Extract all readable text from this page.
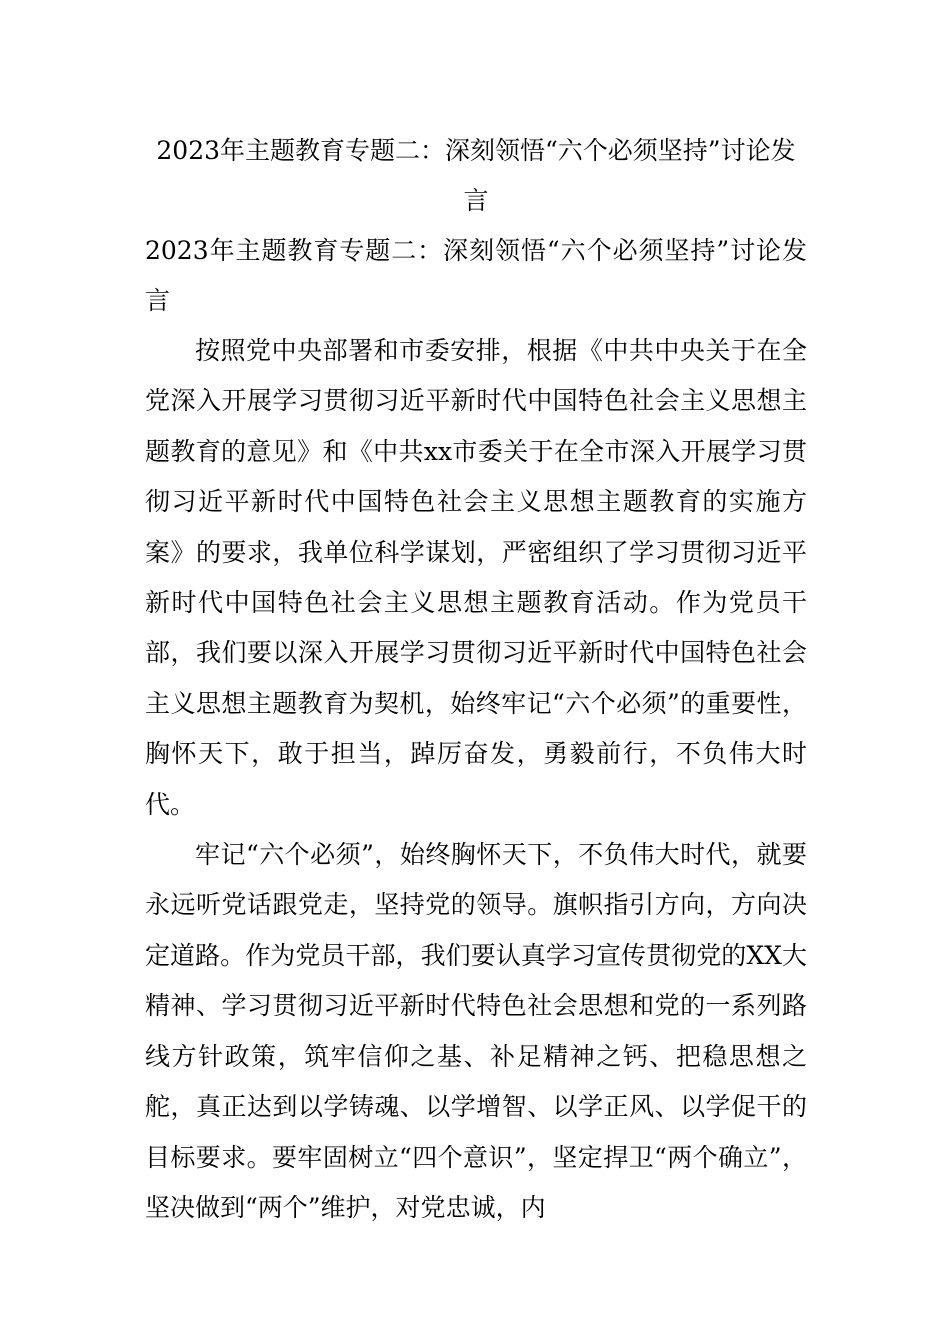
2023年主题教育专题二：深刻领悟“六个必须坚持”讨论发言
2023年主题教育专题二：深刻领悟“六个必须坚持”讨论发言

按照党中央部署和市委安排，根据《中共中央关于在全党深入开展学习贯彻习近平新时代中国特色社会主义思想主题教育的意见》和《中共xx市委关于在全市深入开展学习贯彻习近平新时代中国特色社会主义思想主题教育的实施方案》的要求，我单位科学谋划，严密组织了学习贯彻习近平新时代中国特色社会主义思想主题教育活动。作为党员干部，我们要以深入开展学习贯彻习近平新时代中国特色社会主义思想主题教育为契机，始终牢记“六个必须”的重要性，胸怀天下，敢于担当，踔厉奋发，勇毅前行，不负伟大时代。

牢记“六个必须”，始终胸怀天下，不负伟大时代，就要永远听党话跟党走，坚持党的领导。旗帜指引方向，方向决定道路。作为党员干部，我们要认真学习宣传贯彻党的XX大精神、学习贯彻习近平新时代特色社会思想和党的一系列路线方针政策，筑牢信仰之基、补足精神之钙、把稳思想之舵，真正达到以学铸魂、以学增智、以学正风、以学促干的目标要求。要牢固树立“四个意识”，坚定捍卫“两个确立”，坚决做到“两个”维护，对党忠诚，内
